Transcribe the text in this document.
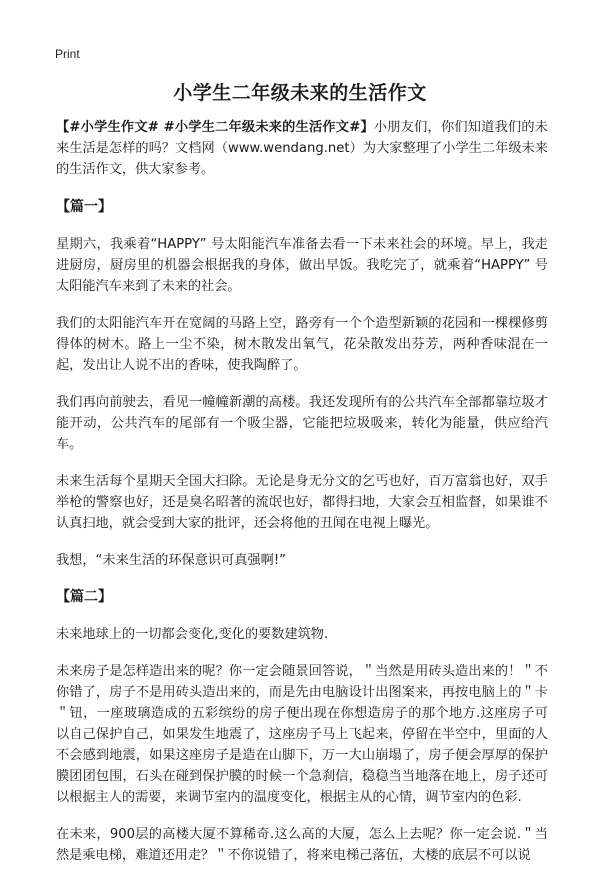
Print
小学生二年级未来的生活作文

【#小学生作文# #小学生二年级未来的生活作文#】小朋友们，你们知道我们的未来生活是怎样的吗？文档网（www.wendang.net）为大家整理了小学生二年级未来的生活作文，供大家参考。

【篇一】

星期六，我乘着“HAPPY” 号太阳能汽车准备去看一下未来社会的环境。早上，我走进厨房，厨房里的机器会根据我的身体，做出早饭。我吃完了，就乘着“HAPPY” 号太阳能汽车来到了未来的社会。

我们的太阳能汽车开在宽阔的马路上空，路旁有一个个造型新颖的花园和一棵棵修剪得体的树木。路上一尘不染，树木散发出氧气，花朵散发出芬芳，两种香味混在一起，发出让人说不出的香味，使我陶醉了。

我们再向前驶去，看见一幢幢新潮的高楼。我还发现所有的公共汽车全部都靠垃圾才能开动，公共汽车的尾部有一个吸尘器，它能把垃圾吸来，转化为能量，供应给汽车。

未来生活每个星期天全国大扫除。无论是身无分文的乞丐也好，百万富翁也好，双手举枪的警察也好，还是臭名昭著的流氓也好，都得扫地，大家会互相监督，如果谁不认真扫地，就会受到大家的批评，还会将他的丑闻在电视上曝光。

我想，“未来生活的环保意识可真强啊!”

【篇二】

未来地球上的一切都会变化,变化的要数建筑物.

未来房子是怎样造出来的呢？你一定会随景回答说，＂当然是用砖头造出来的！＂不你错了，房子不是用砖头造出来的，而是先由电脑设计出图案来，再按电脑上的＂卡＂钮，一座玻璃造成的五彩缤纷的房子便出现在你想造房子的那个地方.这座房子可以自己保护自己，如果发生地震了，这座房子马上飞起来，停留在半空中，里面的人不会感到地震，如果这座房子是造在山脚下，万一大山崩塌了，房子便会厚厚的保护膜团团包围，石头在碰到保护膜的时候一个急刹信，稳稳当当地落在地上，房子还可以根据主人的需要，来调节室内的温度变化，根据主从的心情，调节室内的色彩.

在未来，900层的高楼大厦不算稀奇.这么高的大厦，怎么上去呢？你一定会说.＂当然是乘电梯，难道还用走？＂不你说错了，将来电梯己落伍，大楼的底层不可以说
